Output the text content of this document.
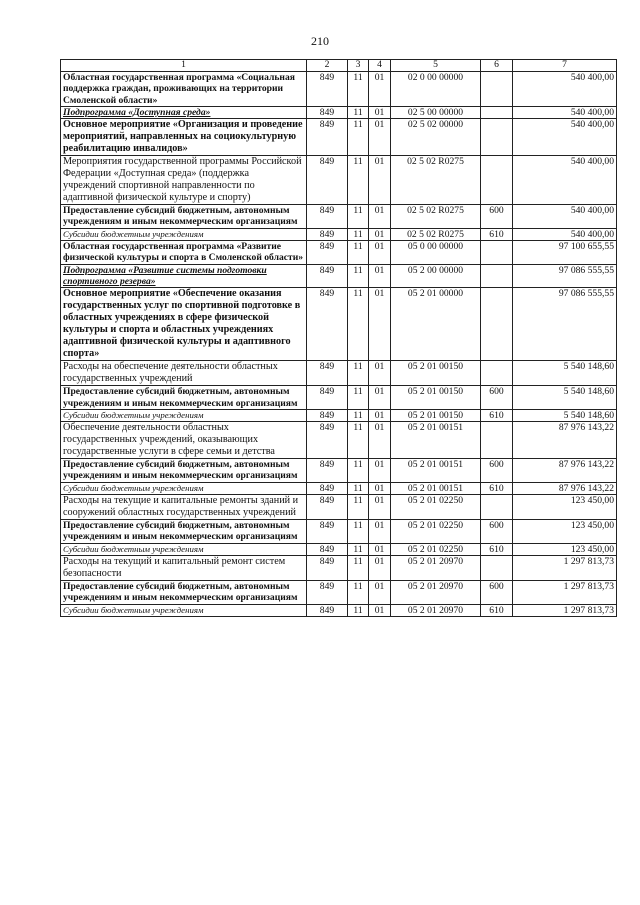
210
1	2	3	4	5	6	7
Областная государственная программа «Социальная поддержка граждан, проживающих на территории Смоленской области»	849	11	01	02 0 00 00000		540 400,00
Подпрограмма «Доступная среда»	849	11	01	02 5 00 00000		540 400,00
Основное мероприятие «Организация и проведение мероприятий, направленных на социокультурную реабилитацию инвалидов»	849	11	01	02 5 02 00000		540 400,00
Мероприятия государственной программы Российской Федерации «Доступная среда» (поддержка учреждений спортивной направленности по адаптивной физической культуре и спорту)	849	11	01	02 5 02 R0275		540 400,00
Предоставление субсидий бюджетным, автономным учреждениям и иным некоммерческим организациям	849	11	01	02 5 02 R0275	600	540 400,00
Субсидии бюджетным учреждениям	849	11	01	02 5 02 R0275	610	540 400,00
Областная государственная программа «Развитие физической культуры и спорта в Смоленской области»	849	11	01	05 0 00 00000		97 100 655,55
Подпрограмма «Развитие системы подготовки спортивного резерва»	849	11	01	05 2 00 00000		97 086 555,55
Основное мероприятие «Обеспечение оказания государственных услуг по спортивной подготовке в областных учреждениях в сфере физической культуры и спорта и областных учреждениях адаптивной физической культуры и адаптивного спорта»	849	11	01	05 2 01 00000		97 086 555,55
Расходы на обеспечение деятельности областных государственных учреждений	849	11	01	05 2 01 00150		5 540 148,60
Предоставление субсидий бюджетным, автономным учреждениям и иным некоммерческим организациям	849	11	01	05 2 01 00150	600	5 540 148,60
Субсидии бюджетным учреждениям	849	11	01	05 2 01 00150	610	5 540 148,60
Обеспечение деятельности областных государственных учреждений, оказывающих государственные услуги в сфере семьи и детства	849	11	01	05 2 01 00151		87 976 143,22
Предоставление субсидий бюджетным, автономным учреждениям и иным некоммерческим организациям	849	11	01	05 2 01 00151	600	87 976 143,22
Субсидии бюджетным учреждениям	849	11	01	05 2 01 00151	610	87 976 143,22
Расходы на текущие и капитальные ремонты зданий и сооружений областных государственных учреждений	849	11	01	05 2 01 02250		123 450,00
Предоставление субсидий бюджетным, автономным учреждениям и иным некоммерческим организациям	849	11	01	05 2 01 02250	600	123 450,00
Субсидии бюджетным учреждениям	849	11	01	05 2 01 02250	610	123 450,00
Расходы на текущий и капитальный ремонт систем безопасности	849	11	01	05 2 01 20970		1 297 813,73
Предоставление субсидий бюджетным, автономным учреждениям и иным некоммерческим организациям	849	11	01	05 2 01 20970	600	1 297 813,73
Субсидии бюджетным учреждениям	849	11	01	05 2 01 20970	610	1 297 813,73
